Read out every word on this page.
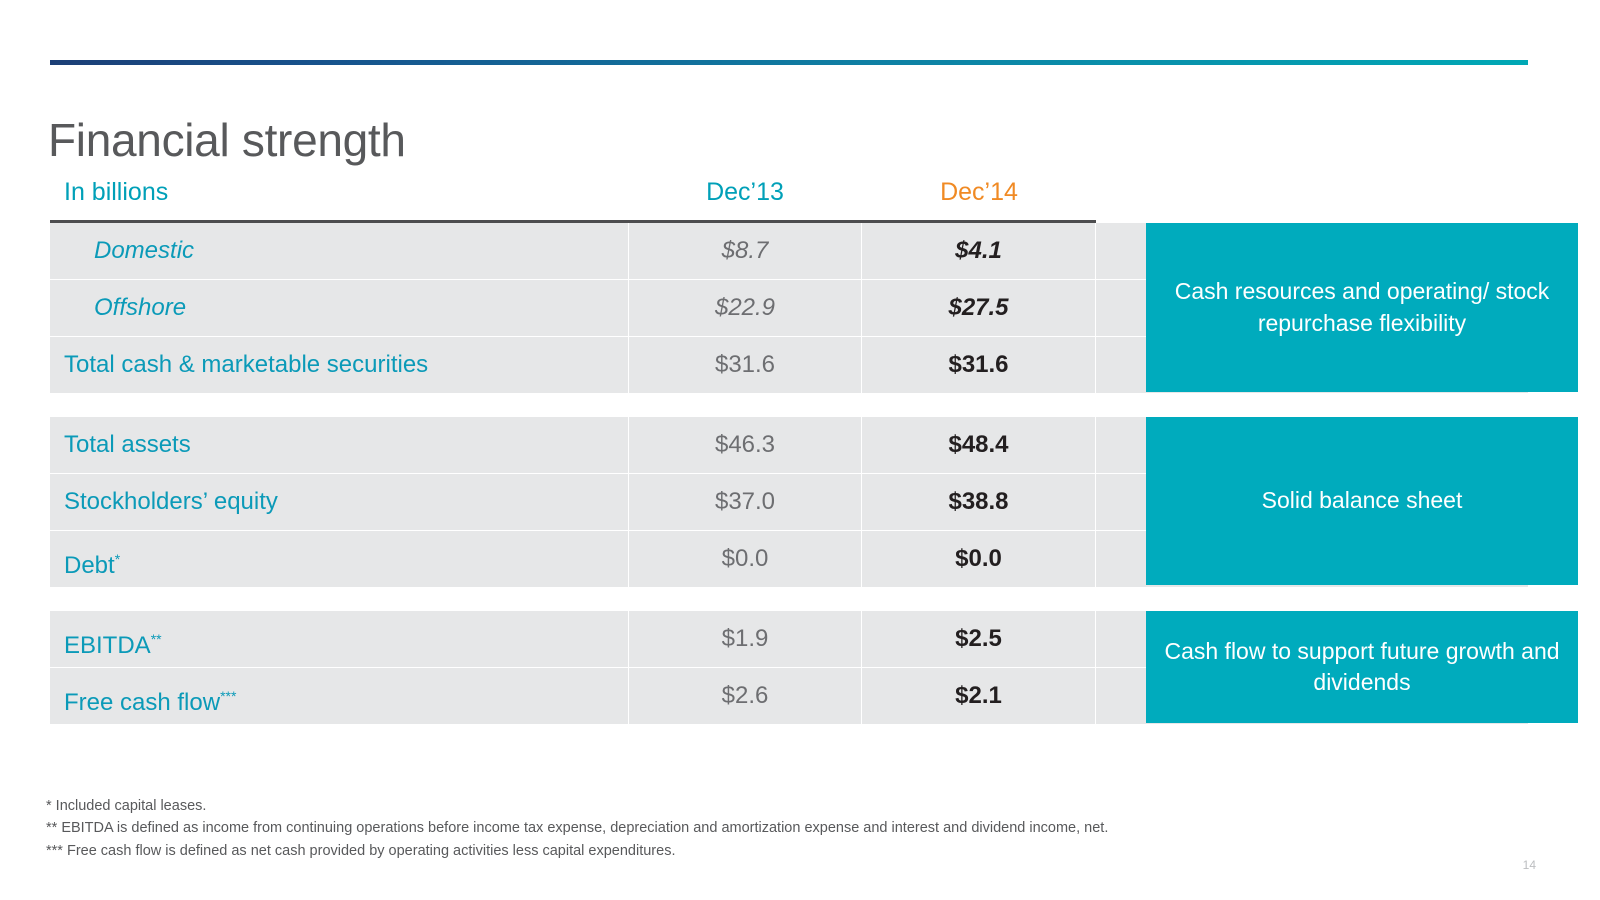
Financial strength
In billions	Dec’13	Dec’14
Domestic	$8.7	$4.1
Offshore	$22.9	$27.5
Total cash & marketable securities	$31.6	$31.6
Cash resources and operating/ stock repurchase flexibility
Total assets	$46.3	$48.4
Stockholders’ equity	$37.0	$38.8
Debt*	$0.0	$0.0
Solid balance sheet
EBITDA**	$1.9	$2.5
Free cash flow***	$2.6	$2.1
Cash flow to support future growth and dividends
* Included capital leases.
** EBITDA is defined as income from continuing operations before income tax expense, depreciation and amortization expense and interest and dividend income, net.
*** Free cash flow is defined as net cash provided by operating activities less capital expenditures.
14
